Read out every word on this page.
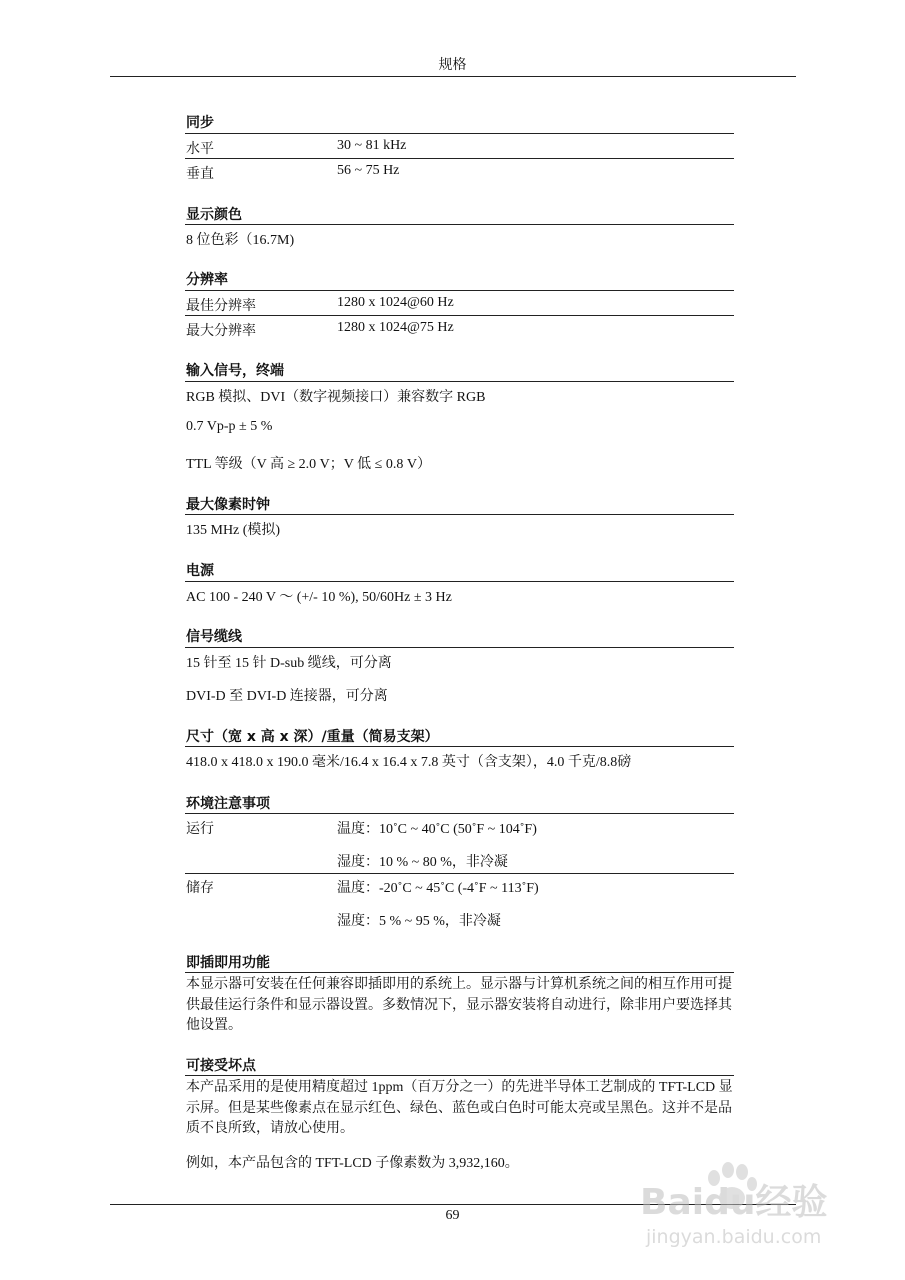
规格
同步
水平	30 ~ 81 kHz
垂直	56 ~ 75 Hz
显示颜色
8 位色彩（16.7M)
分辨率
最佳分辨率	1280 x 1024@60 Hz
最大分辨率	1280 x 1024@75 Hz
输入信号，终端
RGB 模拟、DVI（数字视频接口）兼容数字 RGB
0.7 Vp-p ± 5 %
TTL 等级（V 高 ≥ 2.0 V；V 低 ≤ 0.8 V）
最大像素时钟
135 MHz (模拟)
电源
AC 100 - 240 V ～ (+/- 10 %), 50/60Hz ± 3 Hz
信号缆线
15 针至 15 针 D-sub 缆线，可分离
DVI-D 至 DVI-D 连接器，可分离
尺寸（宽 x 高 x 深）/重量（简易支架）
418.0 x 418.0 x 190.0 毫米/16.4 x 16.4 x 7.8 英寸（含支架），4.0 千克/8.8磅
环境注意事项
运行	温度：10˚C ~ 40˚C (50˚F ~ 104˚F)
湿度：10 % ~ 80 %，非冷凝
储存	温度：-20˚C ~ 45˚C (-4˚F ~ 113˚F)
湿度：5 % ~ 95 %，非冷凝
即插即用功能
本显示器可安装在任何兼容即插即用的系统上。显示器与计算机系统之间的相互作用可提供最佳运行条件和显示器设置。多数情况下，显示器安装将自动进行，除非用户要选择其他设置。
可接受坏点
本产品采用的是使用精度超过 1ppm（百万分之一）的先进半导体工艺制成的 TFT-LCD 显示屏。但是某些像素点在显示红色、绿色、蓝色或白色时可能太亮或呈黑色。这并不是品质不良所致，请放心使用。
例如，本产品包含的 TFT-LCD 子像素数为 3,932,160。
69	Baidu经验
jingyan.baidu.com
